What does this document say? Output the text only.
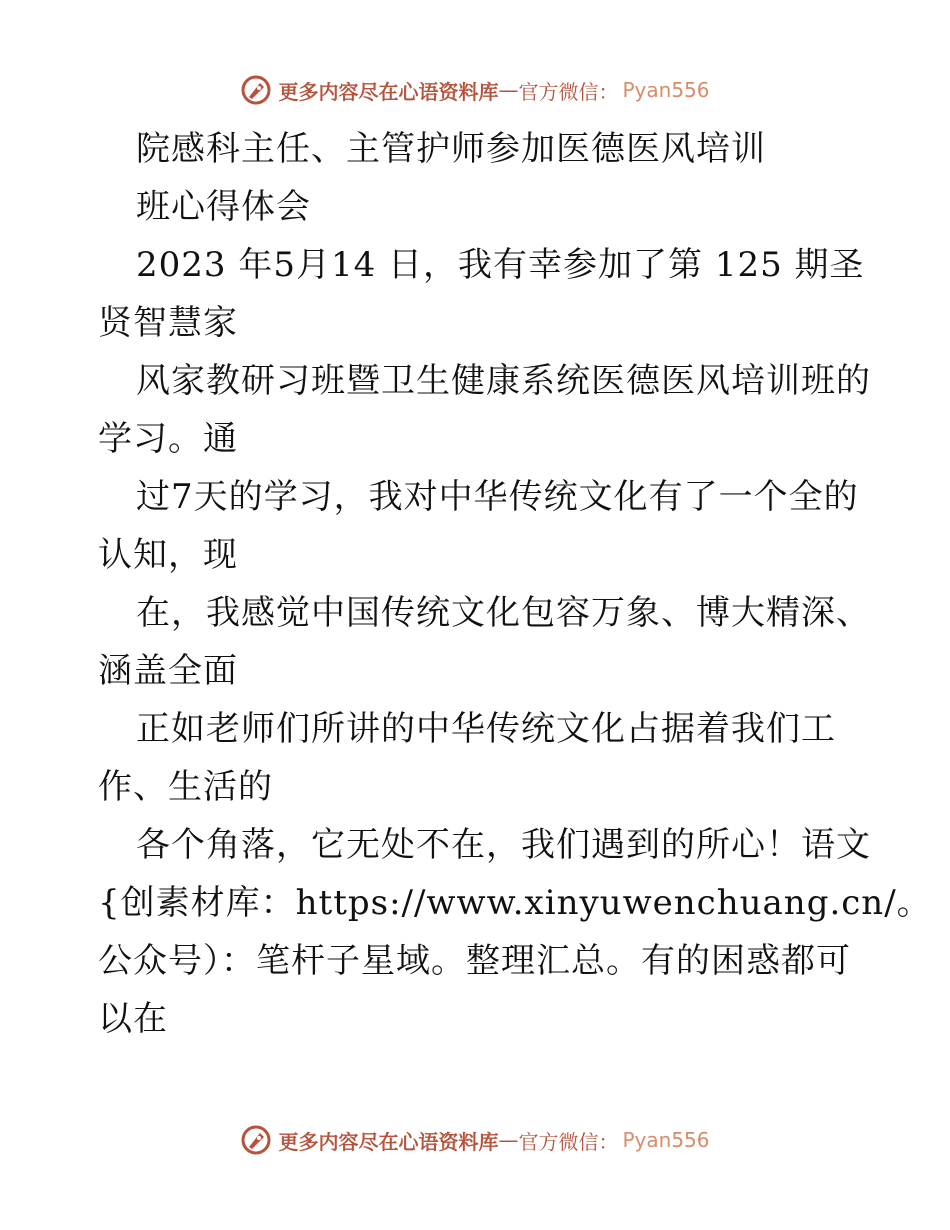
更多内容尽在心语资料库 — 官方微信： Pyan556
院感科主任、主管护师参加医德医风培训
班心得体会
2023 年5月14 日，我有幸参加了第 125 期圣
贤智慧家
风家教研习班暨卫生健康系统医德医风培训班的
学习。通
过7天的学习，我对中华传统文化有了一个全的
认知，现
在，我感觉中国传统文化包容万象、博大精深、
涵盖全面
正如老师们所讲的中华传统文化占据着我们工
作、生活的
各个角落，它无处不在，我们遇到的所心！语文
{创素材库：https://www.xinyuwenchuang.cn/。
公众号）：笔杆子星域。整理汇总。有的困惑都可
以在
更多内容尽在心语资料库 — 官方微信： Pyan556
